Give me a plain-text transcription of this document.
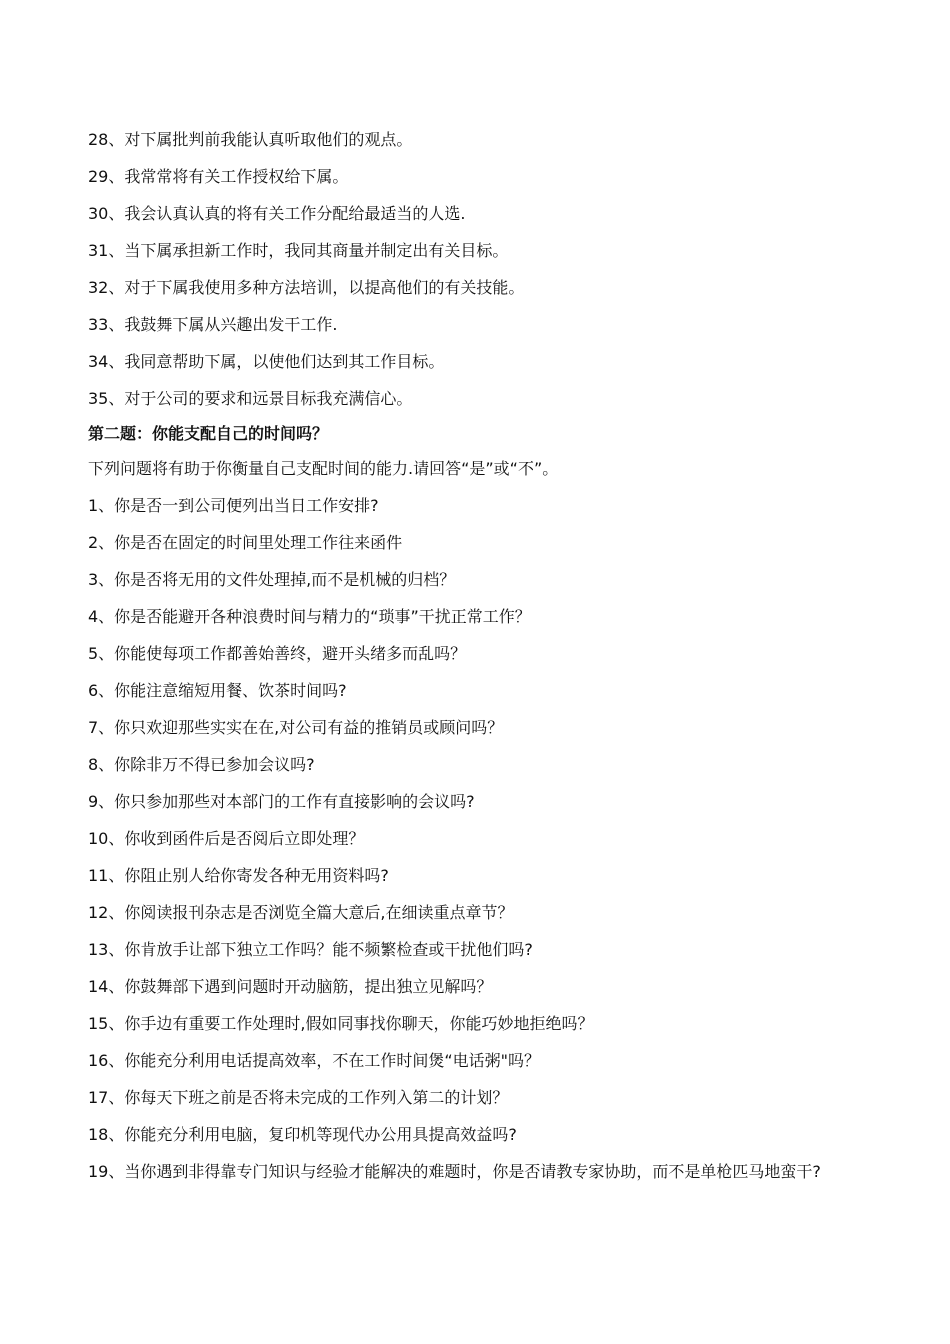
28、对下属批判前我能认真听取他们的观点。

29、我常常将有关工作授权给下属。

30、我会认真认真的将有关工作分配给最适当的人选.

31、当下属承担新工作时，我同其商量并制定出有关目标。

32、对于下属我使用多种方法培训，以提高他们的有关技能。

33、我鼓舞下属从兴趣出发干工作.

34、我同意帮助下属，以使他们达到其工作目标。

35、对于公司的要求和远景目标我充满信心。

第二题：你能支配自己的时间吗？

下列问题将有助于你衡量自己支配时间的能力.请回答“是”或“不”。

1、你是否一到公司便列出当日工作安排?

2、你是否在固定的时间里处理工作往来函件

3、你是否将无用的文件处理掉,而不是机械的归档？

4、你是否能避开各种浪费时间与精力的“琐事”干扰正常工作？

5、你能使每项工作都善始善终，避开头绪多而乱吗？

6、你能注意缩短用餐、饮茶时间吗?

7、你只欢迎那些实实在在,对公司有益的推销员或顾问吗？

8、你除非万不得已参加会议吗?

9、你只参加那些对本部门的工作有直接影响的会议吗?

10、你收到函件后是否阅后立即处理？

11、你阻止别人给你寄发各种无用资料吗?

12、你阅读报刊杂志是否浏览全篇大意后,在细读重点章节？

13、你肯放手让部下独立工作吗？能不频繁检查或干扰他们吗?

14、你鼓舞部下遇到问题时开动脑筋，提出独立见解吗？

15、你手边有重要工作处理时,假如同事找你聊天，你能巧妙地拒绝吗？

16、你能充分利用电话提高效率，不在工作时间煲“电话粥"吗？

17、你每天下班之前是否将未完成的工作列入第二的计划？

18、你能充分利用电脑，复印机等现代办公用具提高效益吗?

19、当你遇到非得靠专门知识与经验才能解决的难题时，你是否请教专家协助，而不是单枪匹马地蛮干?
